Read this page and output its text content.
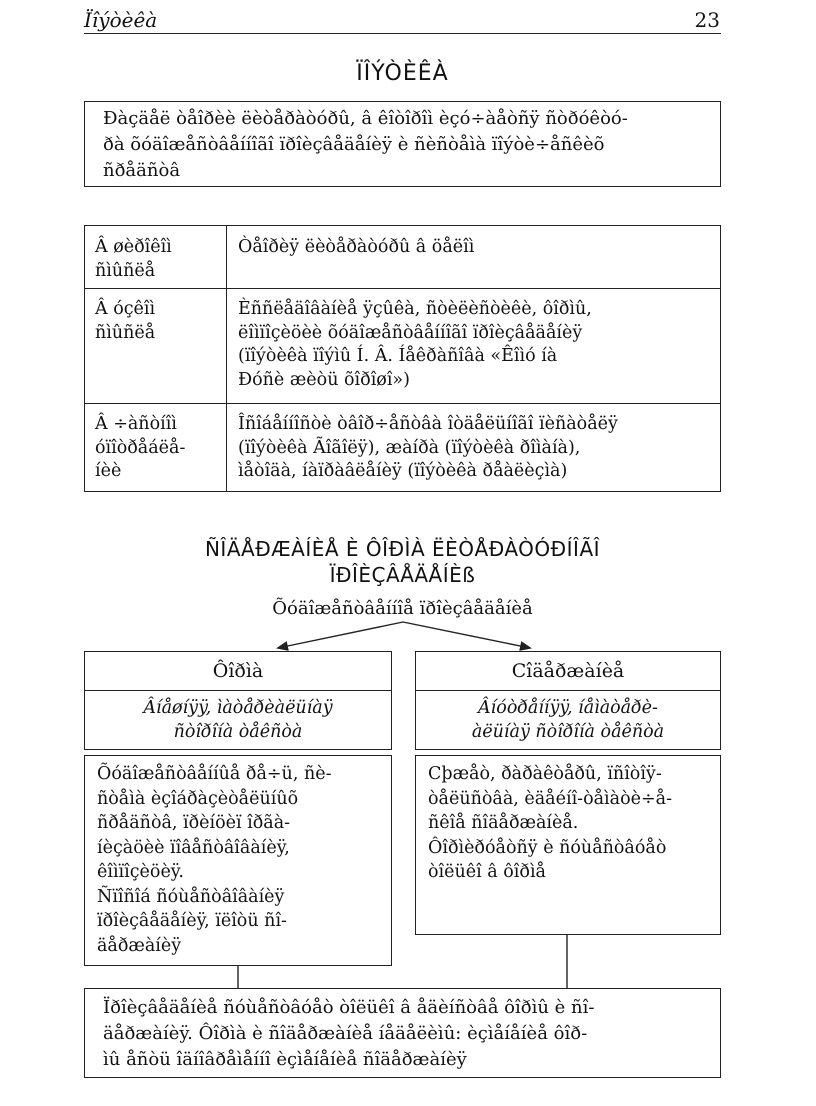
Ïîýòèêà	23
ÏÎÝÒÈÊÀ
Ðàçäåë òåîðèè ëèòåðàòóðû, â êîòîðîì èçó÷àåòñÿ ñòðóêòó-
ðà õóäîæåñòâåííîãî ïðîèçâåäåíèÿ è ñèñòåìà ïîýòè÷åñêèõ
ñðåäñòâ
Â øèðîêîì
ñìûñëå
Òåîðèÿ ëèòåðàòóðû â öåëîì
Â óçêîì
ñìûñëå
Èññëåäîâàíèå ÿçûêà, ñòèëèñòèêè, ôîðìû,
ëîìïîçèöèè õóäîæåñòâåííîãî ïðîèçâåäåíèÿ
(ïîýòèêà ïîýìû Í. Â. Íåêðàñîâà «Êîìó íà
Ðóñè æèòü õîðîøî»)
Â ÷àñòíîì
óïîòðåáëå-
íèè
Îñîáåííîñòè òâîð÷åñòâà îòäåëüíîãî ïèñàòåëÿ
(ïîýòèêà Ãîãîëÿ), æàíðà (ïîýòèêà ðîìàíà),
ìåòîäà, íàïðàâëåíèÿ (ïîýòèêà ðåàëèçìà)
ÑÎÄÅÐÆÀÍÈÅ È ÔÎÐÌÀ ËÈÒÅÐÀÒÓÐÍÎÃÎ
ÏÐÎÈÇÂÅÄÅÍÈß
Õóäîæåñòâåííîå ïðîèçâåäåíèå
Ôîðìà
Âíåøíÿÿ, ìàòåðèàëüíàÿ
ñòîðîíà òåêñòà
Õóäîæåñòâåííûå ðå÷ü, ñè-
ñòåìà èçîáðàçèòåëüíûõ
ñðåäñòâ, ïðèíöèï îðãà-
íèçàöèè ïîâåñòâîâàíèÿ,
êîìïîçèöèÿ.
Ñïîñîá ñóùåñòâîâàíèÿ
ïðîèçâåäåíèÿ, ïëîòü ñî-
äåðæàíèÿ
Cîäåðæàíèå
Âíóòðåííÿÿ, íåìàòåðè-
àëüíàÿ ñòîðîíà òåêñòà
Cþæåò, ðàðàêòåðû, ïñîòîÿ-
òåëüñòâà, èäåéíî-òåìàòè÷å-
ñêîå ñîäåðæàíèå.
Ôîðìèðóåòñÿ è ñóùåñòâóåò
òîëüêî â ôîðìå
Ïðîèçâåäåíèå ñóùåñòâóåò òîëüêî â åäèíñòâå ôîðìû è ñî-
äåðæàíèÿ. Ôîðìà è ñîäåðæàíèå íåäåëèìû: èçìåíåíèå ôîð-
ìû åñòü îäíîâðåìåííî èçìåíåíèå ñîäåðæàíèÿ
